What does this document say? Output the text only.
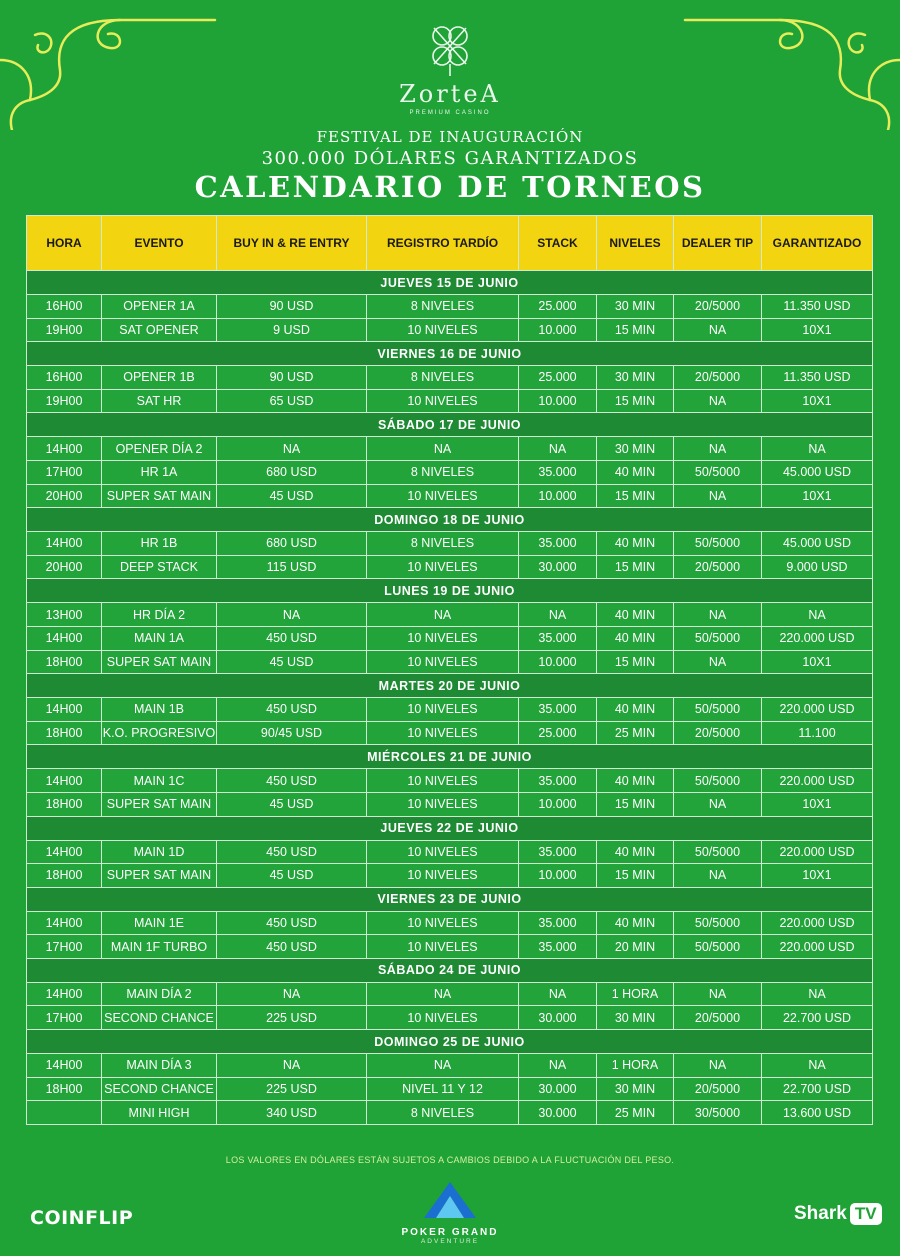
ZorteA
PREMIUM CASINO
FESTIVAL DE INAUGURACIÓN
300.000 DÓLARES GARANTIZADOS
CALENDARIO DE TORNEOS
HORA	EVENTO	BUY IN & RE ENTRY	REGISTRO TARDÍO	STACK	NIVELES	DEALER TIP	GARANTIZADO
JUEVES 15 DE JUNIO							
16H00	OPENER 1A	90 USD	8 NIVELES	25.000	30 MIN	20/5000	11.350 USD
19H00	SAT OPENER	9 USD	10 NIVELES	10.000	15 MIN	NA	10X1
VIERNES 16 DE JUNIO							
16H00	OPENER 1B	90 USD	8 NIVELES	25.000	30 MIN	20/5000	11.350 USD
19H00	SAT HR	65 USD	10 NIVELES	10.000	15 MIN	NA	10X1
SÁBADO 17 DE JUNIO							
14H00	OPENER DÍA 2	NA	NA	NA	30 MIN	NA	NA
17H00	HR 1A	680 USD	8 NIVELES	35.000	40 MIN	50/5000	45.000 USD
20H00	SUPER SAT MAIN	45 USD	10 NIVELES	10.000	15 MIN	NA	10X1
DOMINGO 18 DE JUNIO							
14H00	HR 1B	680 USD	8 NIVELES	35.000	40 MIN	50/5000	45.000 USD
20H00	DEEP STACK	115 USD	10 NIVELES	30.000	15 MIN	20/5000	9.000 USD
LUNES 19 DE JUNIO							
13H00	HR DÍA 2	NA	NA	NA	40 MIN	NA	NA
14H00	MAIN 1A	450 USD	10 NIVELES	35.000	40 MIN	50/5000	220.000 USD
18H00	SUPER SAT MAIN	45 USD	10 NIVELES	10.000	15 MIN	NA	10X1
MARTES 20 DE JUNIO							
14H00	MAIN 1B	450 USD	10 NIVELES	35.000	40 MIN	50/5000	220.000 USD
18H00	K.O. PROGRESIVO	90/45 USD	10 NIVELES	25.000	25 MIN	20/5000	11.100
MIÉRCOLES 21 DE JUNIO							
14H00	MAIN 1C	450 USD	10 NIVELES	35.000	40 MIN	50/5000	220.000 USD
18H00	SUPER SAT MAIN	45 USD	10 NIVELES	10.000	15 MIN	NA	10X1
JUEVES 22 DE JUNIO							
14H00	MAIN 1D	450 USD	10 NIVELES	35.000	40 MIN	50/5000	220.000 USD
18H00	SUPER SAT MAIN	45 USD	10 NIVELES	10.000	15 MIN	NA	10X1
VIERNES 23 DE JUNIO							
14H00	MAIN 1E	450 USD	10 NIVELES	35.000	40 MIN	50/5000	220.000 USD
17H00	MAIN 1F TURBO	450 USD	10 NIVELES	35.000	20 MIN	50/5000	220.000 USD
SÁBADO 24 DE JUNIO							
14H00	MAIN DÍA 2	NA	NA	NA	1 HORA	NA	NA
17H00	SECOND CHANCE	225 USD	10 NIVELES	30.000	30 MIN	20/5000	22.700 USD
DOMINGO 25 DE JUNIO							
14H00	MAIN DÍA 3	NA	NA	NA	1 HORA	NA	NA
18H00	SECOND CHANCE	225 USD	NIVEL 11 Y 12	30.000	30 MIN	20/5000	22.700 USD
	MINI HIGH	340 USD	8 NIVELES	30.000	25 MIN	30/5000	13.600 USD
LOS VALORES EN DÓLARES ESTÁN SUJETOS A CAMBIOS DEBIDO A LA FLUCTUACIÓN DEL PESO.
COINFLIP
POKER GRAND
ADVENTURE
Shark TV
